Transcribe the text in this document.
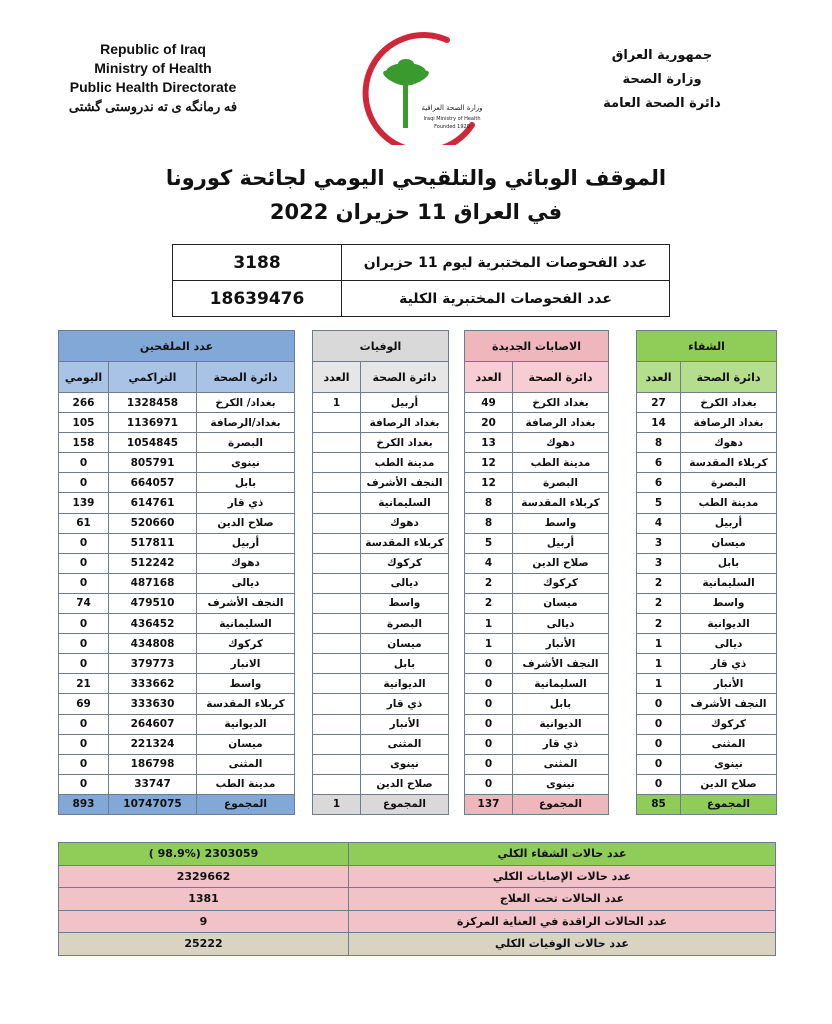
Republic of Iraq
Ministry of Health
Public Health Directorate
فه رمانگه ى ته ندروستى گشتى
جمهورية العراق
وزارة الصحة
دائرة الصحة العامة
وزارة الصحة العراقية
Iraqi Ministry of Health
Founded 1920
الموقف الوبائي والتلقيحي اليومي لجائحة كورونا
في العراق 11 حزيران 2022
3188	عدد الفحوصات المختبرية ليوم 11 حزيران
18639476	عدد الفحوصات المختبرية الكلية
عدد الملقحين		
اليومي	التراكمي	دائرة الصحة
266	1328458	بغداد/ الكرخ
105	1136971	بغداد/الرصافة
158	1054845	البصرة
0	805791	نينوى
0	664057	بابل
139	614761	ذي قار
61	520660	صلاح الدين
0	517811	أربيل
0	512242	دهوك
0	487168	ديالى
74	479510	النجف الأشرف
0	436452	السليمانية
0	434808	كركوك
0	379773	الانبار
21	333662	واسط
69	333630	كربلاء المقدسة
0	264607	الديوانية
0	221324	ميسان
0	186798	المثنى
0	33747	مدينة الطب
893	10747075	المجموع
الوفيات	
العدد	دائرة الصحة
1	أربيل
	بغداد الرصافة
	بغداد الكرخ
	مدينة الطب
	النجف الأشرف
	السليمانية
	دهوك
	كربلاء المقدسة
	كركوك
	ديالى
	واسط
	البصرة
	ميسان
	بابل
	الديوانية
	ذي قار
	الأنبار
	المثنى
	نينوى
	صلاح الدين
1	المجموع
الاصابات الجديدة	
العدد	دائرة الصحة
49	بغداد الكرخ
20	بغداد الرصافة
13	دهوك
12	مدينة الطب
12	البصرة
8	كربلاء المقدسة
8	واسط
5	أربيل
4	صلاح الدين
2	كركوك
2	ميسان
1	ديالى
1	الأنبار
0	النجف الأشرف
0	السليمانية
0	بابل
0	الديوانية
0	ذي قار
0	المثنى
0	نينوى
137	المجموع
الشفاء	
العدد	دائرة الصحة
27	بغداد الكرخ
14	بغداد الرصافة
8	دهوك
6	كربلاء المقدسة
6	البصرة
5	مدينة الطب
4	أربيل
3	ميسان
3	بابل
2	السليمانية
2	واسط
2	الديوانية
1	ديالى
1	ذي قار
1	الأنبار
0	النجف الأشرف
0	كركوك
0	المثنى
0	نينوى
0	صلاح الدين
85	المجموع
( 98.9%) 2303059	عدد حالات الشفاء الكلي
2329662	عدد حالات الإصابات الكلي
1381	عدد الحالات تحت العلاج
9	عدد الحالات الراقدة في العناية المركزة
25222	عدد حالات الوفيات الكلي
